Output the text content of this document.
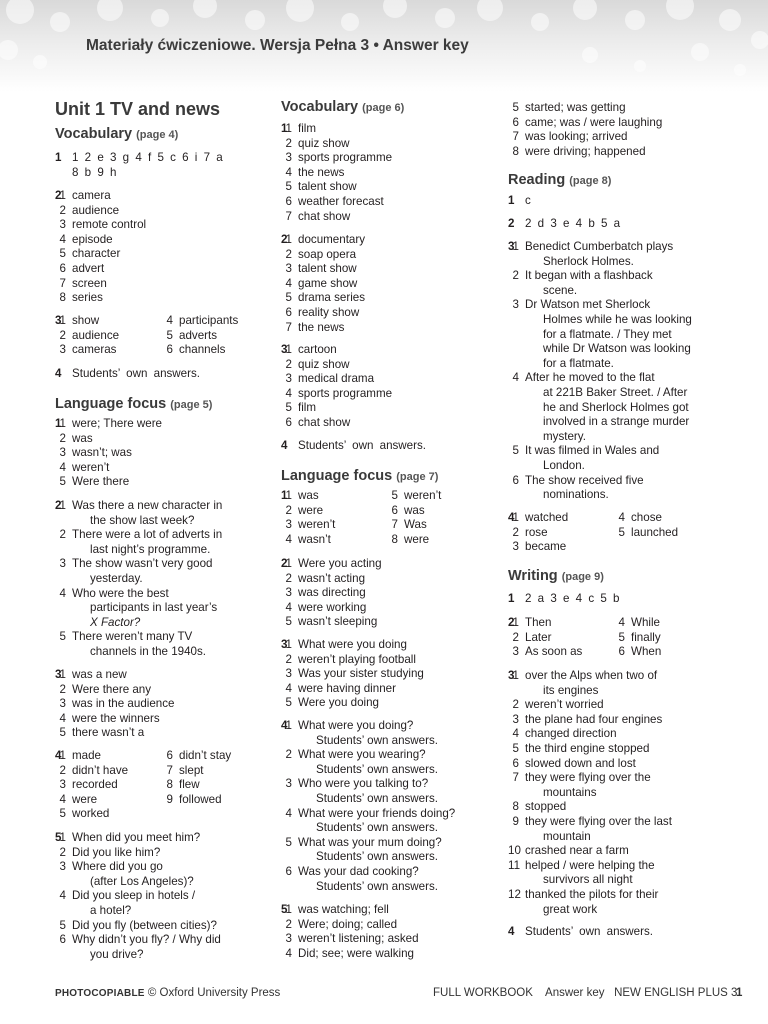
Materiały ćwiczeniowe. Wersja Pełna 3 • Answer key
Unit 1 TV and news
Vocabulary (page 4)
1 1 2 e 3 g 4 f 5 c 6 i 7 a
8 b 9 h
2
1 camera
2 audience
3 remote control
4 episode
5 character
6 advert
7 screen
8 series
3
1 show	4 participants
2 audience	5 adverts
3 cameras	6 channels
4 Students’ own answers.
Language focus (page 5)
1
1 were; There were
2 was
3 wasn’t; was
4 weren’t
5 Were there
2
1 Was there a new character in
the show last week?
2 There were a lot of adverts in
last night’s programme.
3 The show wasn’t very good
yesterday.
4 Who were the best
participants in last year’s
X Factor?
5 There weren’t many TV
channels in the 1940s.
3
1 was a new
2 Were there any
3 was in the audience
4 were the winners
5 there wasn’t a
4
1 made	6 didn’t stay
2 didn’t have	7 slept
3 recorded	8 flew
4 were	9 followed
5 worked
5
1 When did you meet him?
2 Did you like him?
3 Where did you go
(after Los Angeles)?
4 Did you sleep in hotels /
a hotel?
5 Did you fly (between cities)?
6 Why didn’t you fly? / Why did
you drive?
Vocabulary (page 6)
1
1 film
2 quiz show
3 sports programme
4 the news
5 talent show
6 weather forecast
7 chat show
2
1 documentary
2 soap opera
3 talent show
4 game show
5 drama series
6 reality show
7 the news
3
1 cartoon
2 quiz show
3 medical drama
4 sports programme
5 film
6 chat show
4 Students’ own answers.
Language focus (page 7)
1
1 was	5 weren’t
2 were	6 was
3 weren’t	7 Was
4 wasn’t	8 were
2
1 Were you acting
2 wasn’t acting
3 was directing
4 were working
5 wasn’t sleeping
3
1 What were you doing
2 weren’t playing football
3 Was your sister studying
4 were having dinner
5 Were you doing
4
1 What were you doing?
Students’ own answers.
2 What were you wearing?
Students’ own answers.
3 Who were you talking to?
Students’ own answers.
4 What were your friends doing?
Students’ own answers.
5 What was your mum doing?
Students’ own answers.
6 Was your dad cooking?
Students’ own answers.
5
1 was watching; fell
2 Were; doing; called
3 weren’t listening; asked
4 Did; see; were walking
5 started; was getting
6 came; was / were laughing
7 was looking; arrived
8 were driving; happened
Reading (page 8)
1 c
2 2 d 3 e 4 b 5 a
3
1 Benedict Cumberbatch plays
Sherlock Holmes.
2 It began with a flashback
scene.
3 Dr Watson met Sherlock
Holmes while he was looking
for a flatmate. / They met
while Dr Watson was looking
for a flatmate.
4 After he moved to the flat
at 221B Baker Street. / After
he and Sherlock Holmes got
involved in a strange murder
mystery.
5 It was filmed in Wales and
London.
6 The show received five
nominations.
4
1 watched	4 chose
2 rose	5 launched
3 became
Writing (page 9)
1 2 a 3 e 4 c 5 b
2
1 Then	4 While
2 Later	5 finally
3 As soon as	6 When
3
1 over the Alps when two of
its engines
2 weren’t worried
3 the plane had four engines
4 changed direction
5 the third engine stopped
6 slowed down and lost
7 they were flying over the
mountains
8 stopped
9 they were flying over the last
mountain
10 crashed near a farm
11 helped / were helping the
survivors all night
12 thanked the pilots for their
great work
4 Students’ own answers.
PHOTOCOPIABLE © Oxford University Press	FULL WORKBOOK    Answer key   NEW ENGLISH PLUS 3
1
